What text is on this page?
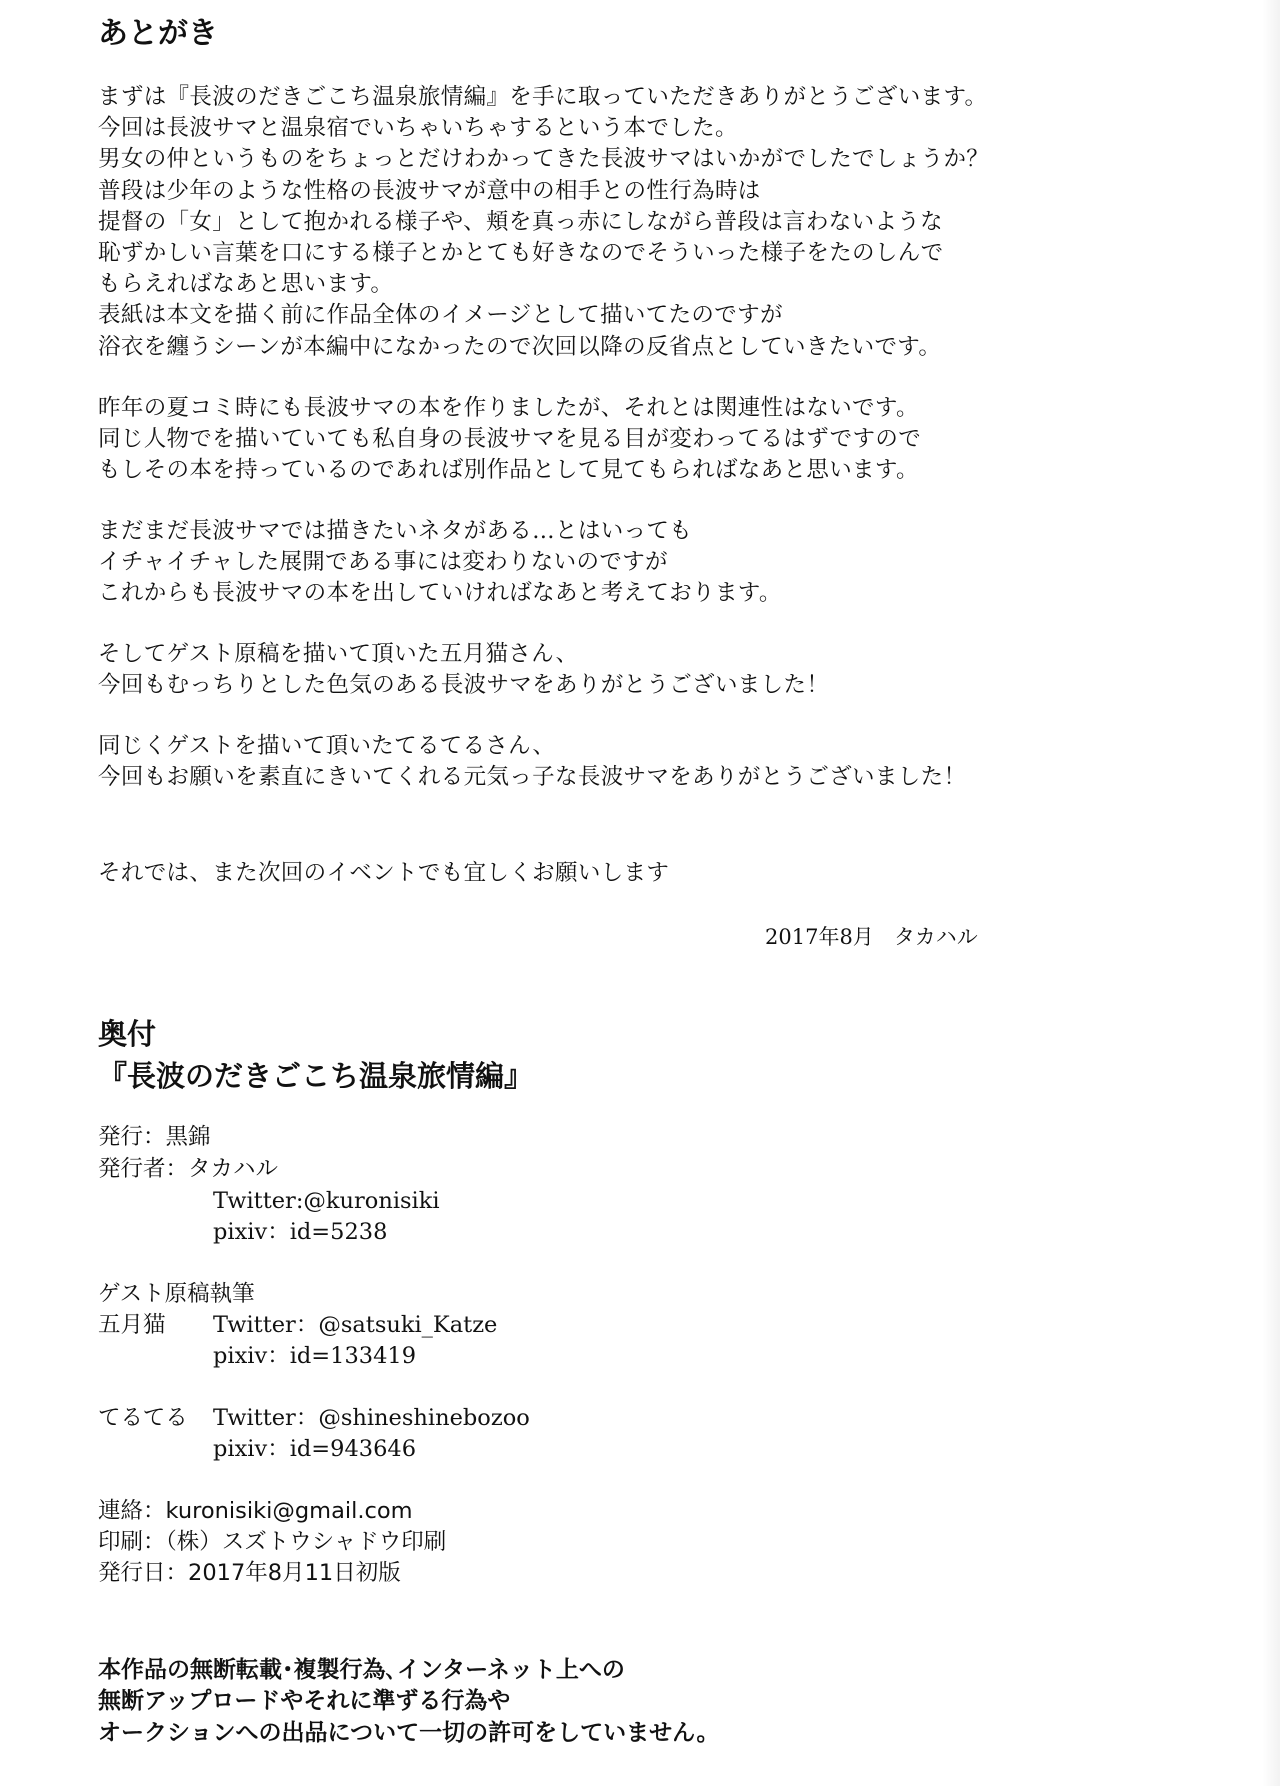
あとがき
まずは『長波のだきごこち温泉旅情編』を手に取っていただきありがとうございます。
今回は長波サマと温泉宿でいちゃいちゃするという本でした。
男女の仲というものをちょっとだけわかってきた長波サマはいかがでしたでしょうか？
普段は少年のような性格の長波サマが意中の相手との性行為時は
提督の「女」として抱かれる様子や、頬を真っ赤にしながら普段は言わないような
恥ずかしい言葉を口にする様子とかとても好きなのでそういった様子をたのしんで
もらえればなあと思います。
表紙は本文を描く前に作品全体のイメージとして描いてたのですが
浴衣を纏うシーンが本編中になかったので次回以降の反省点としていきたいです。
昨年の夏コミ時にも長波サマの本を作りましたが、それとは関連性はないです。
同じ人物でを描いていても私自身の長波サマを見る目が変わってるはずですので
もしその本を持っているのであれば別作品として見てもらればなあと思います。
まだまだ長波サマでは描きたいネタがある…とはいっても
イチャイチャした展開である事には変わりないのですが
これからも長波サマの本を出していければなあと考えております。
そしてゲスト原稿を描いて頂いた五月猫さん、
今回もむっちりとした色気のある長波サマをありがとうございました！
同じくゲストを描いて頂いたてるてるさん、
今回もお願いを素直にきいてくれる元気っ子な長波サマをありがとうございました！
それでは、また次回のイベントでも宜しくお願いします
2017年8月 タカハル
奥付
『長波のだきごこち温泉旅情編』
発行：黒錦
発行者：タカハル
Twitter:@kuronisiki
pixiv：id=5238
ゲスト原稿執筆
五月猫 Twitter：@satsuki_Katze
pixiv：id=133419
てるてる Twitter：@shineshinebozoo
pixiv：id=943646
連絡：kuronisiki@gmail.com
印刷：（株）スズトウシャドウ印刷
発行日：2017年8月11日初版
本作品の無断転載･複製行為､インターネット上への
無断アップロードやそれに準ずる行為や
オークションへの出品について一切の許可をしていません。
